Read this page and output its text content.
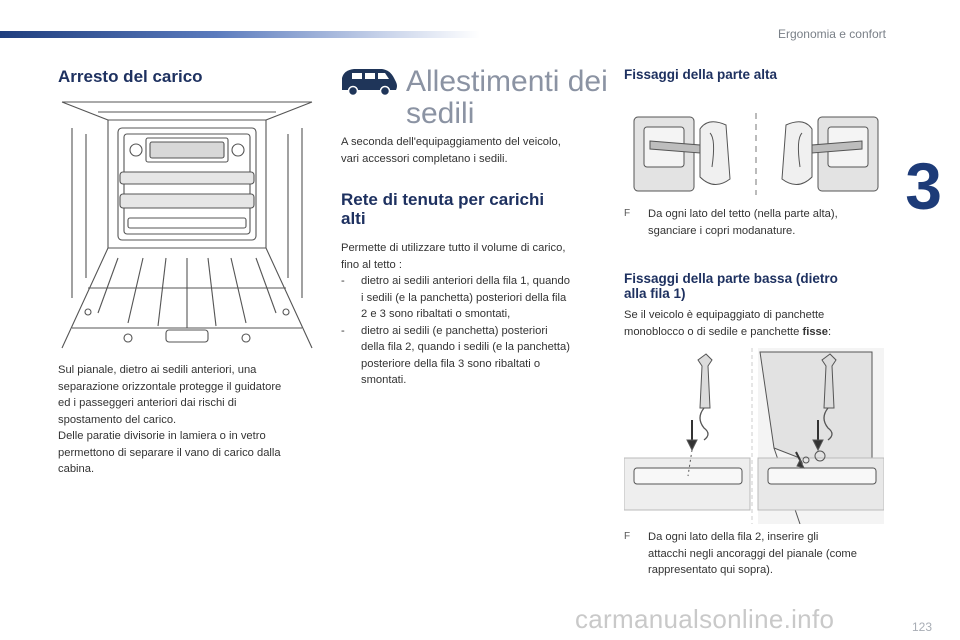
Ergonomia e confort
3
Arresto del carico

Sul pianale, dietro ai sedili anteriori, una

separazione orizzontale protegge il guidatore

ed i passeggeri anteriori dai rischi di

spostamento del carico.

Delle paratie divisorie in lamiera o in vetro

permettono di separare il vano di carico dalla

cabina.

Allestimenti dei
sedili

A seconda dell'equipaggiamento del veicolo,

vari accessori completano i sedili.

Rete di tenuta per carichi
alti

Permette di utilizzare tutto il volume di carico,

fino al tetto :

- dietro ai sedili anteriori della fila 1, quando

i sedili (e la panchetta) posteriori della fila

2 e 3 sono ribaltati o smontati,

- dietro ai sedili (e panchetta) posteriori

della fila 2, quando i sedili (e la panchetta)

posteriore della fila 3 sono ribaltati o

smontati.

Fissaggi della parte alta
F Da ogni lato del tetto (nella parte alta),

sganciare i copri modanature.

Fissaggi della parte bassa (dietro
alla fila 1)

Se il veicolo è equipaggiato di panchette

monoblocco o di sedile e panchette fisse:

F Da ogni lato della fila 2, inserire gli

attacchi negli ancoraggi del pianale (come

rappresentato qui sopra).

carmanualsonline.info	123
